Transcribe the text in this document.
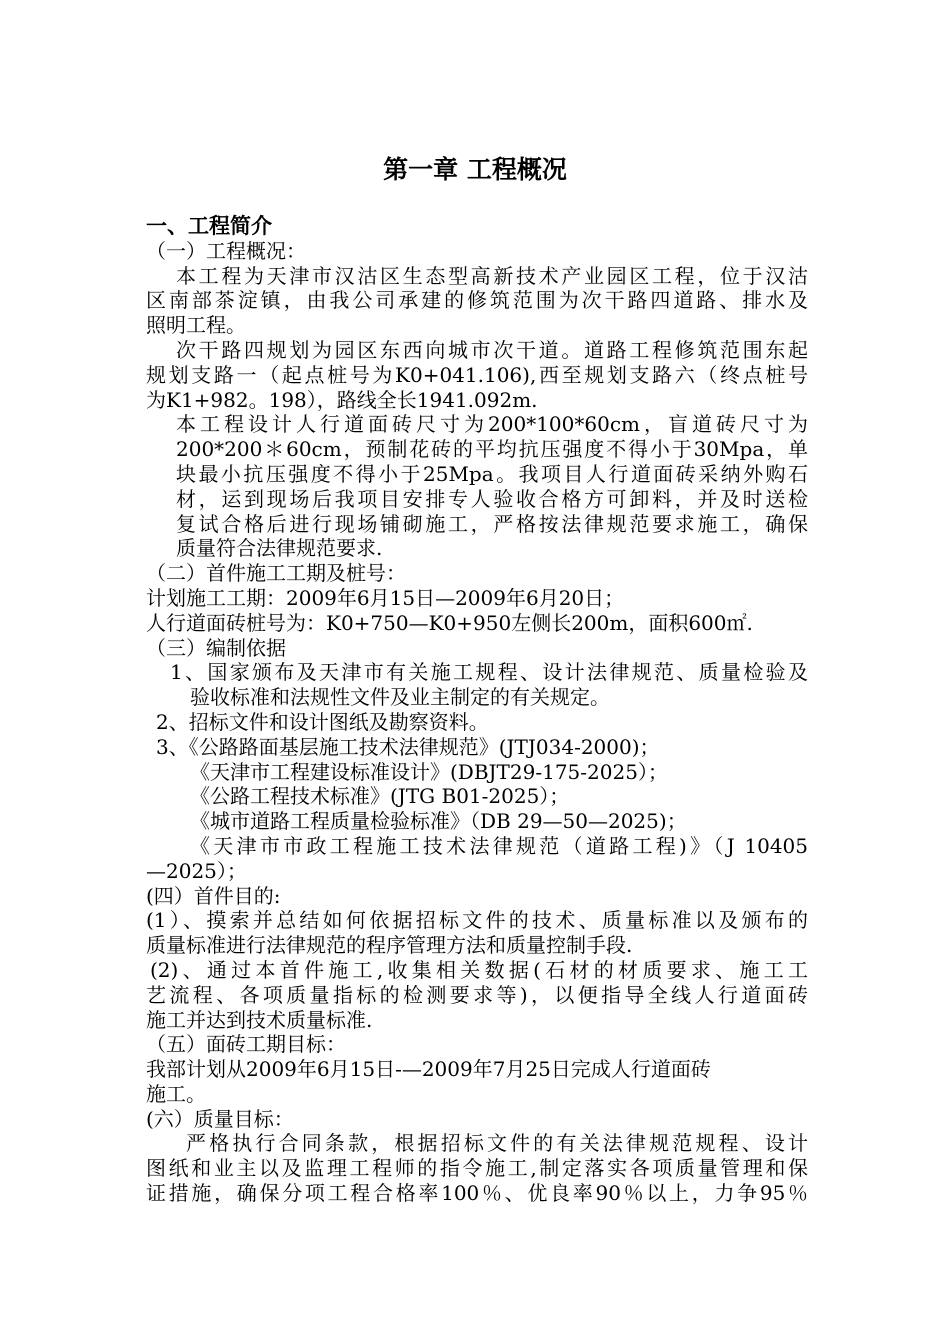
第一章 工程概况
一、工程简介
（一）工程概况：
本工程为天津市汉沽区生态型高新技术产业园区工程，位于汉沽
区南部茶淀镇，由我公司承建的修筑范围为次干路四道路、排水及
照明工程。
次干路四规划为园区东西向城市次干道。道路工程修筑范围东起
规划支路一（起点桩号为K0+041.106),西至规划支路六（终点桩号
为K1+982。198），路线全长1941.092m.
本工程设计人行道面砖尺寸为200*100*60cm，盲道砖尺寸为
200*200＊60cm，预制花砖的平均抗压强度不得小于30Mpa，单
块最小抗压强度不得小于25Mpa。我项目人行道面砖采纳外购石
材，运到现场后我项目安排专人验收合格方可卸料，并及时送检
复试合格后进行现场铺砌施工，严格按法律规范要求施工，确保
质量符合法律规范要求.
（二）首件施工工期及桩号：
计划施工工期：2009年6月15日—2009年6月20日；
人行道面砖桩号为：K0+750—K0+950左侧长200m，面积600㎡.
（三）编制依据
1、国家颁布及天津市有关施工规程、设计法律规范、质量检验及
验收标准和法规性文件及业主制定的有关规定。
2、招标文件和设计图纸及勘察资料。
3、《公路路面基层施工技术法律规范》(JTJ034-2000)；
《天津市工程建设标准设计》(DBJT29-175-2025）；
《公路工程技术标准》(JTG B01-2025）；
《城市道路工程质量检验标准》（DB 29—50—2025)；
《天津市市政工程施工技术法律规范（道路工程)》（J 10405
—2025）；
(四）首件目的:
(1）、摸索并总结如何依据招标文件的技术、质量标准以及颁布的
质量标准进行法律规范的程序管理方法和质量控制手段.
(2)、通过本首件施工,收集相关数据(石材的材质要求、施工工
艺流程、各项质量指标的检测要求等)，以便指导全线人行道面砖
施工并达到技术质量标准.
（五）面砖工期目标：
我部计划从2009年6月15日-—2009年7月25日完成人行道面砖
施工。
(六）质量目标：
严格执行合同条款，根据招标文件的有关法律规范规程、设计
图纸和业主以及监理工程师的指令施工,制定落实各项质量管理和保
证措施，确保分项工程合格率100％、优良率90％以上，力争95％
